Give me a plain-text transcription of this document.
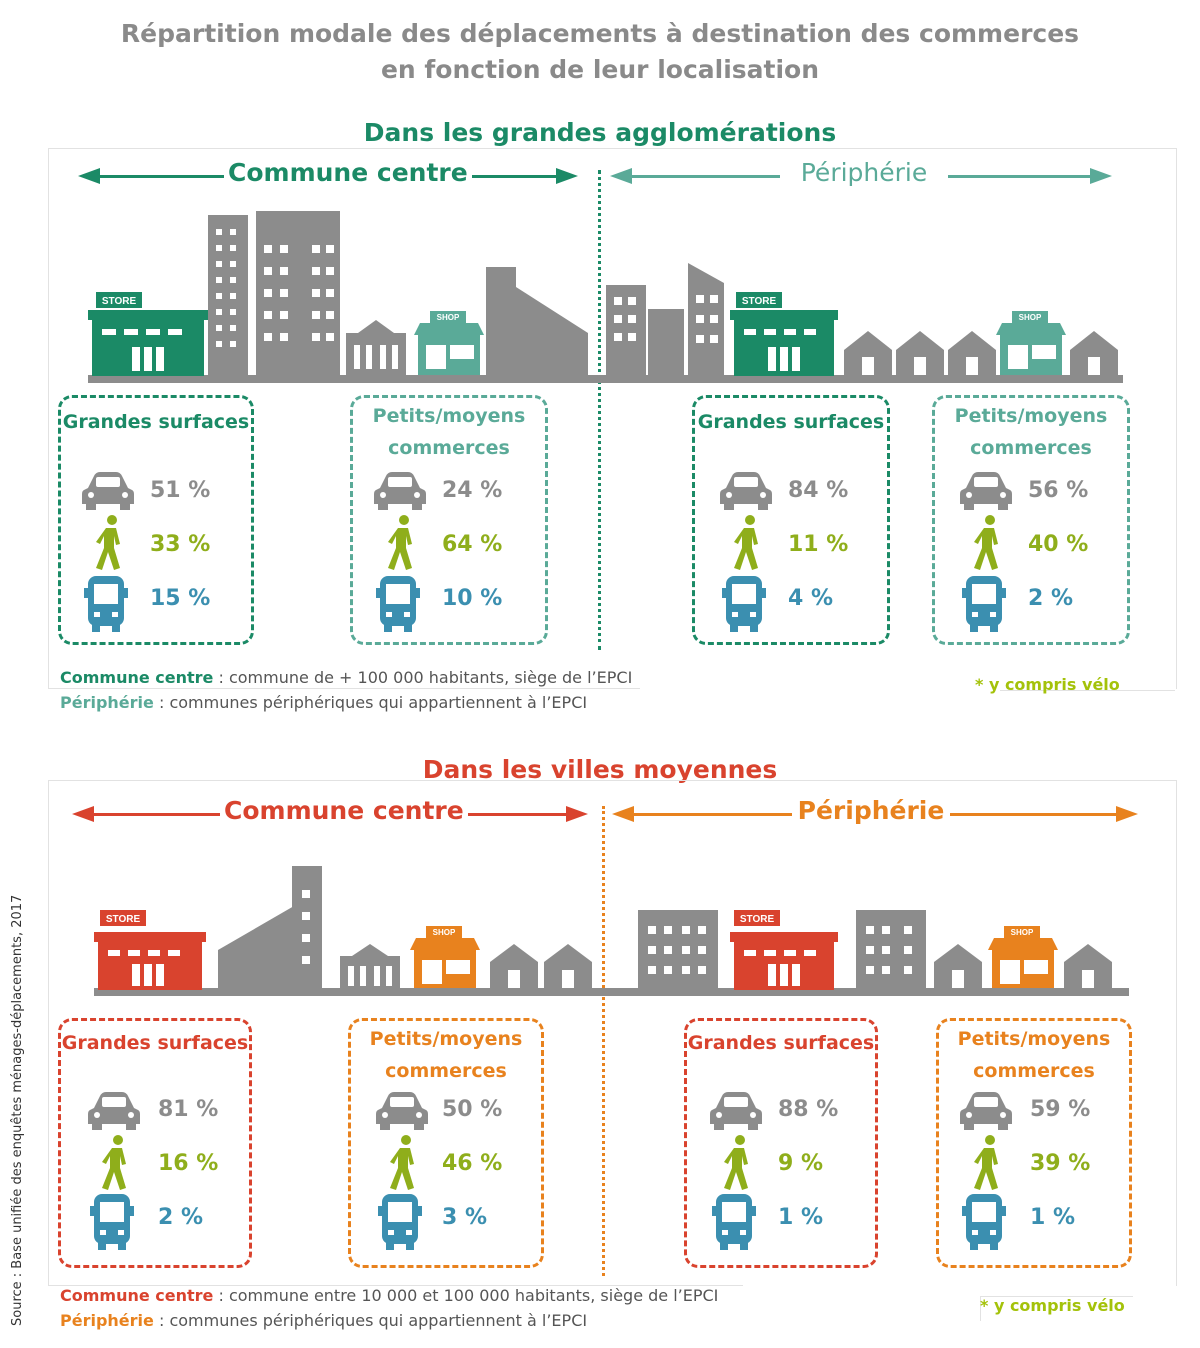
Répartition modale des déplacements à destination des commerces
en fonction de leur localisation
Dans les grandes agglomérations
Commune centre	Périphérie
STORE
SHOP
STORE
SHOP
Grandes surfaces	Petits/moyens
commerces
Grandes surfaces	Petits/moyens
commerces
Commune centre : commune de + 100 000 habitants, siège de l’EPCI
Périphérie : communes périphériques qui appartiennent à l’EPCI
* y compris vélo
Dans les villes moyennes
Commune centre	Périphérie
STORE
SHOP
STORE
SHOP
Grandes surfaces	Petits/moyens
commerces
Grandes surfaces	Petits/moyens
commerces
Commune centre : commune entre 10 000 et 100 000 habitants, siège de l’EPCI
Périphérie : communes périphériques qui appartiennent à l’EPCI
* y compris vélo
Source : Base unifiée des enquêtes ménages-déplacements, 2017
51 %
33 %
15 %
24 %
64 %
10 %
84 %
11 %
4 %
56 %
40 %
2 %
81 %
16 %
2 %
50 %
46 %
3 %
88 %
9 %
1 %
59 %
39 %
1 %
